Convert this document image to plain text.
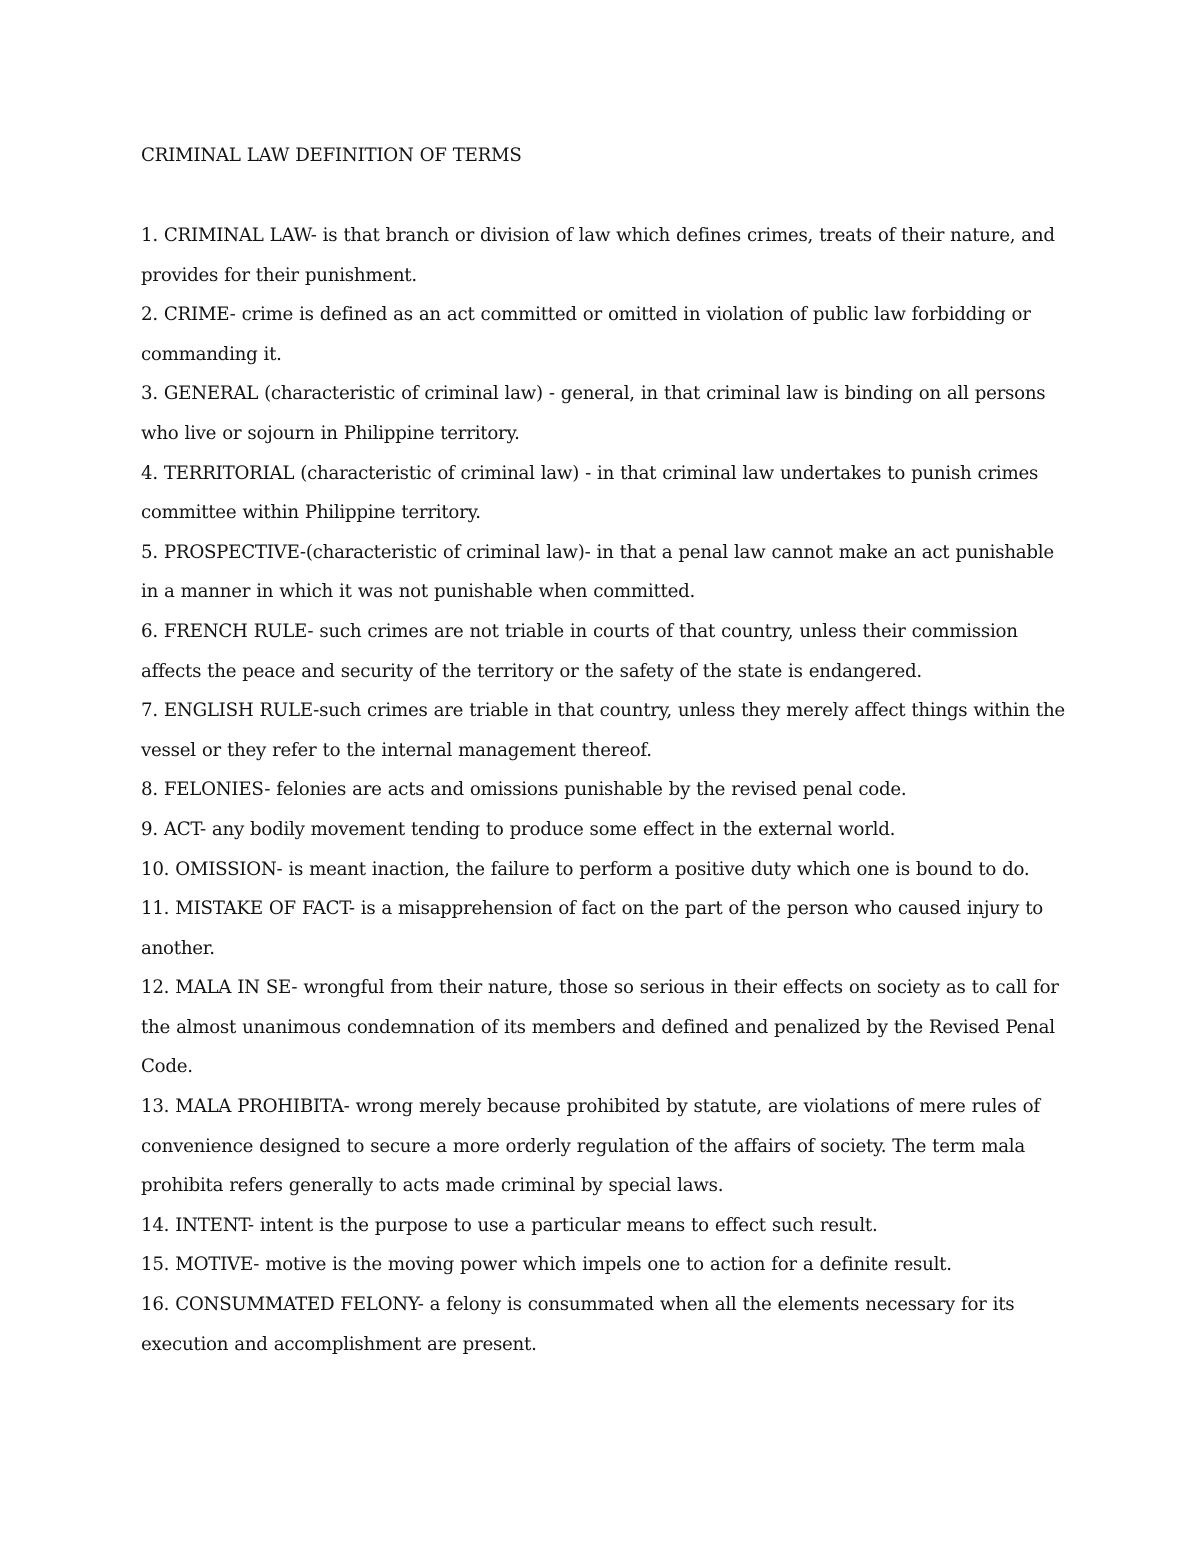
CRIMINAL LAW DEFINITION OF TERMS
1. CRIMINAL LAW- is that branch or division of law which defines crimes, treats of their nature, and provides for their punishment.
2. CRIME- crime is defined as an act committed or omitted in violation of public law forbidding or commanding it.
3. GENERAL (characteristic of criminal law) - general, in that criminal law is binding on all persons who live or sojourn in Philippine territory.
4. TERRITORIAL (characteristic of criminal law) - in that criminal law undertakes to punish crimes committee within Philippine territory.
5. PROSPECTIVE-(characteristic of criminal law)- in that a penal law cannot make an act punishable in a manner in which it was not punishable when committed.
6. FRENCH RULE- such crimes are not triable in courts of that country, unless their commission affects the peace and security of the territory or the safety of the state is endangered.
7. ENGLISH RULE-such crimes are triable in that country, unless they merely affect things within the vessel or they refer to the internal management thereof.
8. FELONIES- felonies are acts and omissions punishable by the revised penal code.
9. ACT- any bodily movement tending to produce some effect in the external world.
10. OMISSION- is meant inaction, the failure to perform a positive duty which one is bound to do.
11. MISTAKE OF FACT- is a misapprehension of fact on the part of the person who caused injury to another.
12. MALA IN SE- wrongful from their nature, those so serious in their effects on society as to call for the almost unanimous condemnation of its members and defined and penalized by the Revised Penal Code.
13. MALA PROHIBITA- wrong merely because prohibited by statute, are violations of mere rules of convenience designed to secure a more orderly regulation of the affairs of society. The term mala prohibita refers generally to acts made criminal by special laws.
14. INTENT- intent is the purpose to use a particular means to effect such result.
15. MOTIVE- motive is the moving power which impels one to action for a definite result.
16. CONSUMMATED FELONY- a felony is consummated when all the elements necessary for its execution and accomplishment are present.
